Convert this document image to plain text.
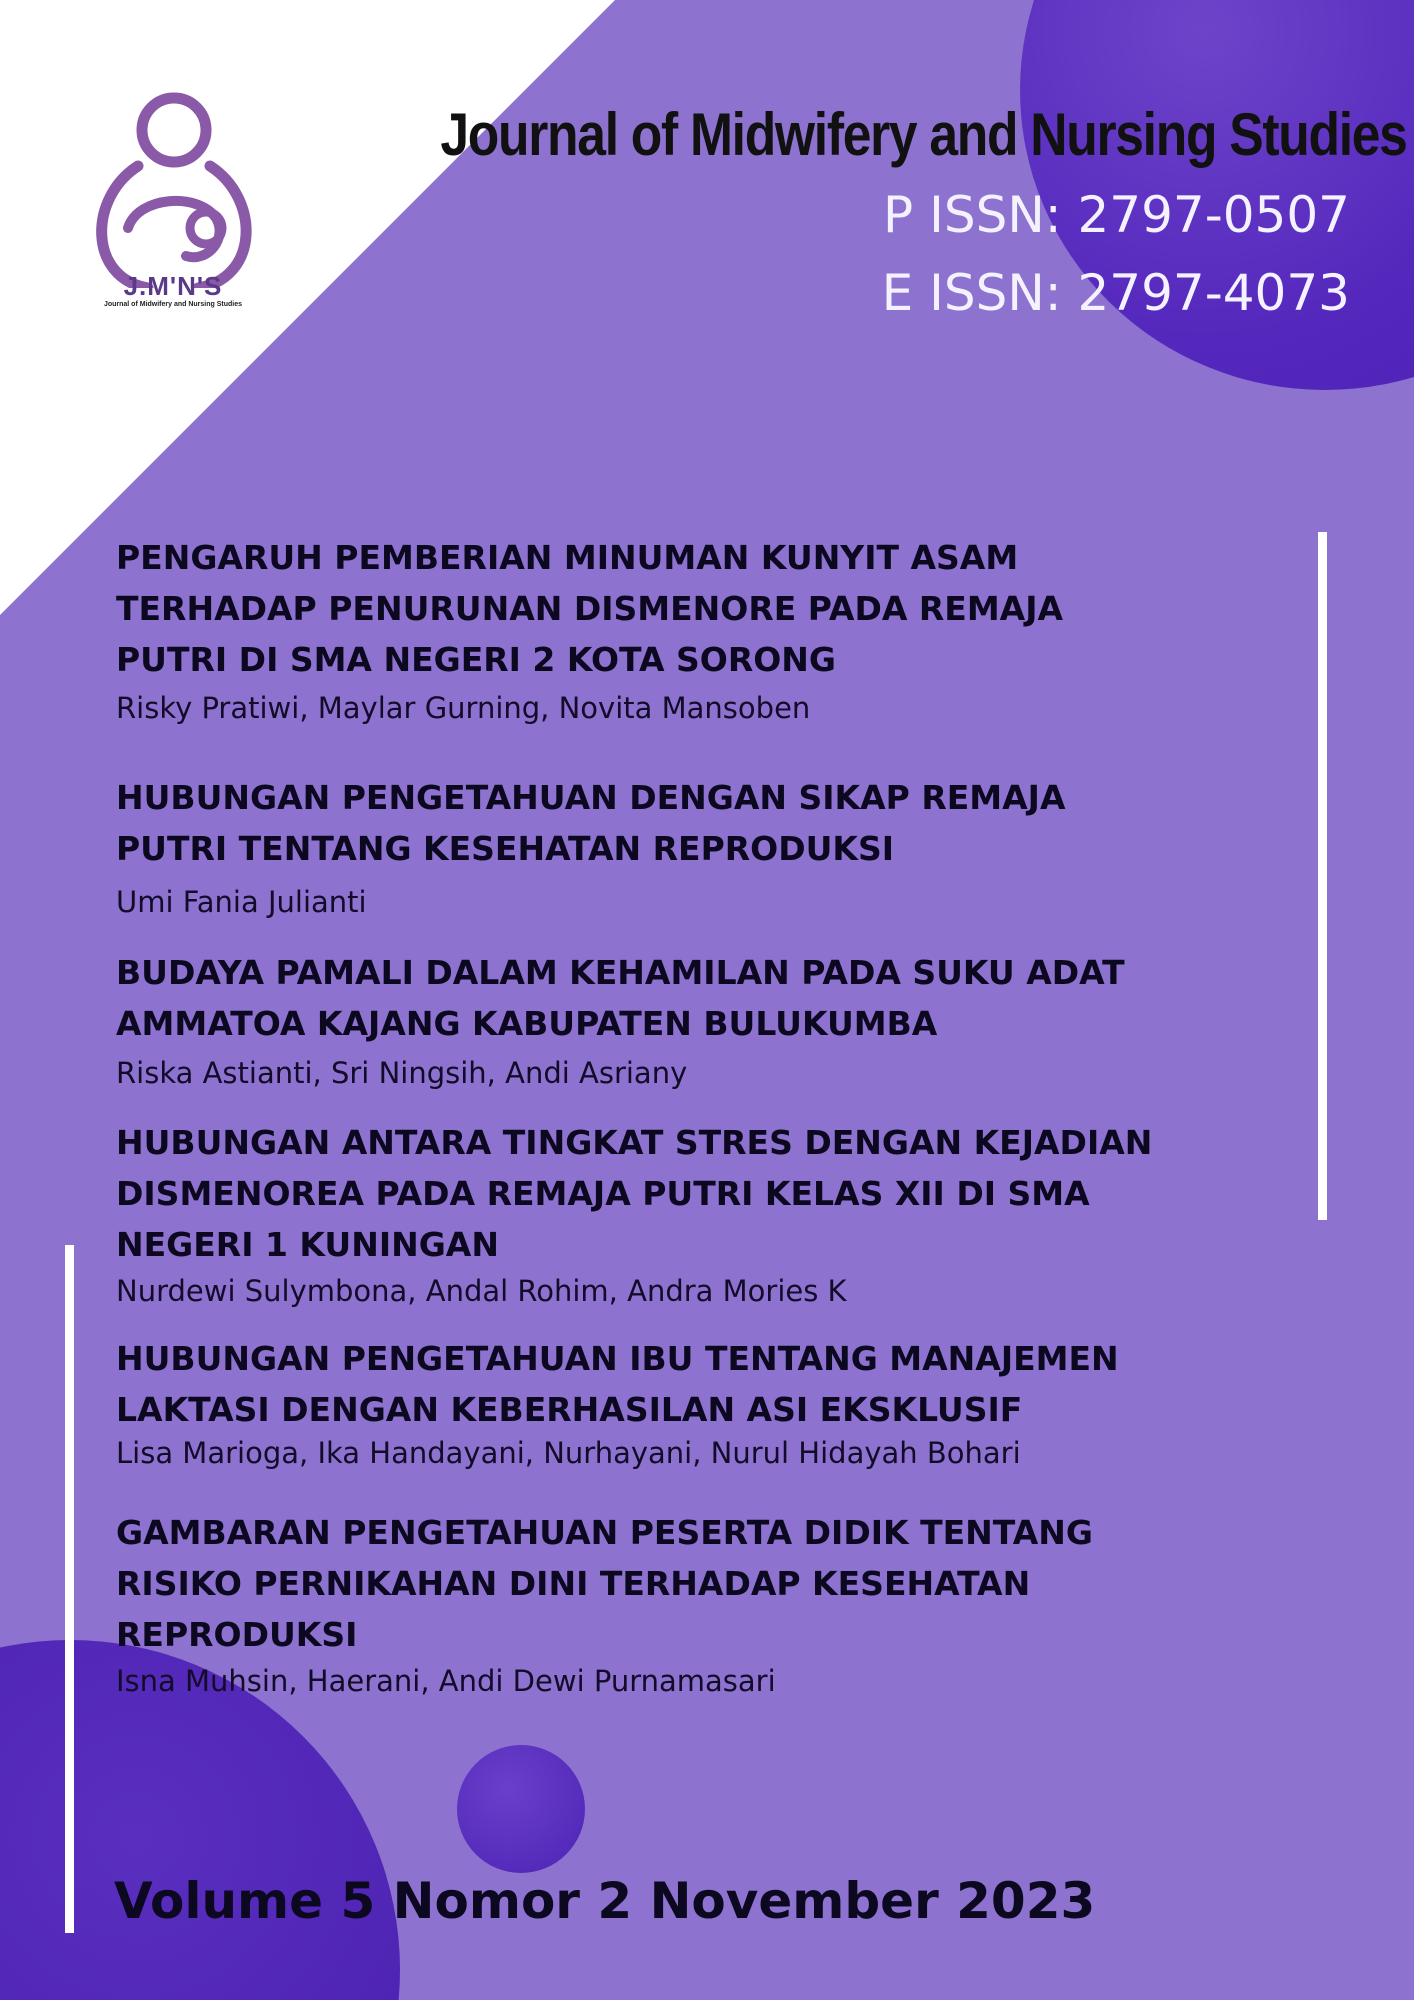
J.M'N'S
Journal of Midwifery and Nursing Studies
Journal of Midwifery and Nursing Studies
P ISSN: 2797-0507
E ISSN: 2797-4073
PENGARUH PEMBERIAN MINUMAN KUNYIT ASAM TERHADAP PENURUNAN DISMENORE PADA REMAJA PUTRI DI SMA NEGERI 2 KOTA SORONG
Risky Pratiwi, Maylar Gurning, Novita Mansoben
HUBUNGAN PENGETAHUAN DENGAN SIKAP REMAJA PUTRI TENTANG KESEHATAN REPRODUKSI
Umi Fania Julianti
BUDAYA PAMALI DALAM KEHAMILAN PADA SUKU ADAT AMMATOA KAJANG KABUPATEN BULUKUMBA
Riska Astianti, Sri Ningsih, Andi Asriany
HUBUNGAN ANTARA TINGKAT STRES DENGAN KEJADIAN DISMENOREA PADA REMAJA PUTRI KELAS XII DI SMA NEGERI 1 KUNINGAN
Nurdewi Sulymbona, Andal Rohim, Andra Mories K
HUBUNGAN PENGETAHUAN IBU TENTANG MANAJEMEN LAKTASI DENGAN KEBERHASILAN ASI EKSKLUSIF
Lisa Marioga, Ika Handayani, Nurhayani, Nurul Hidayah Bohari
GAMBARAN PENGETAHUAN PESERTA DIDIK TENTANG RISIKO PERNIKAHAN DINI TERHADAP KESEHATAN REPRODUKSI
Isna Muhsin, Haerani, Andi Dewi Purnamasari
Volume 5 Nomor 2 November 2023
